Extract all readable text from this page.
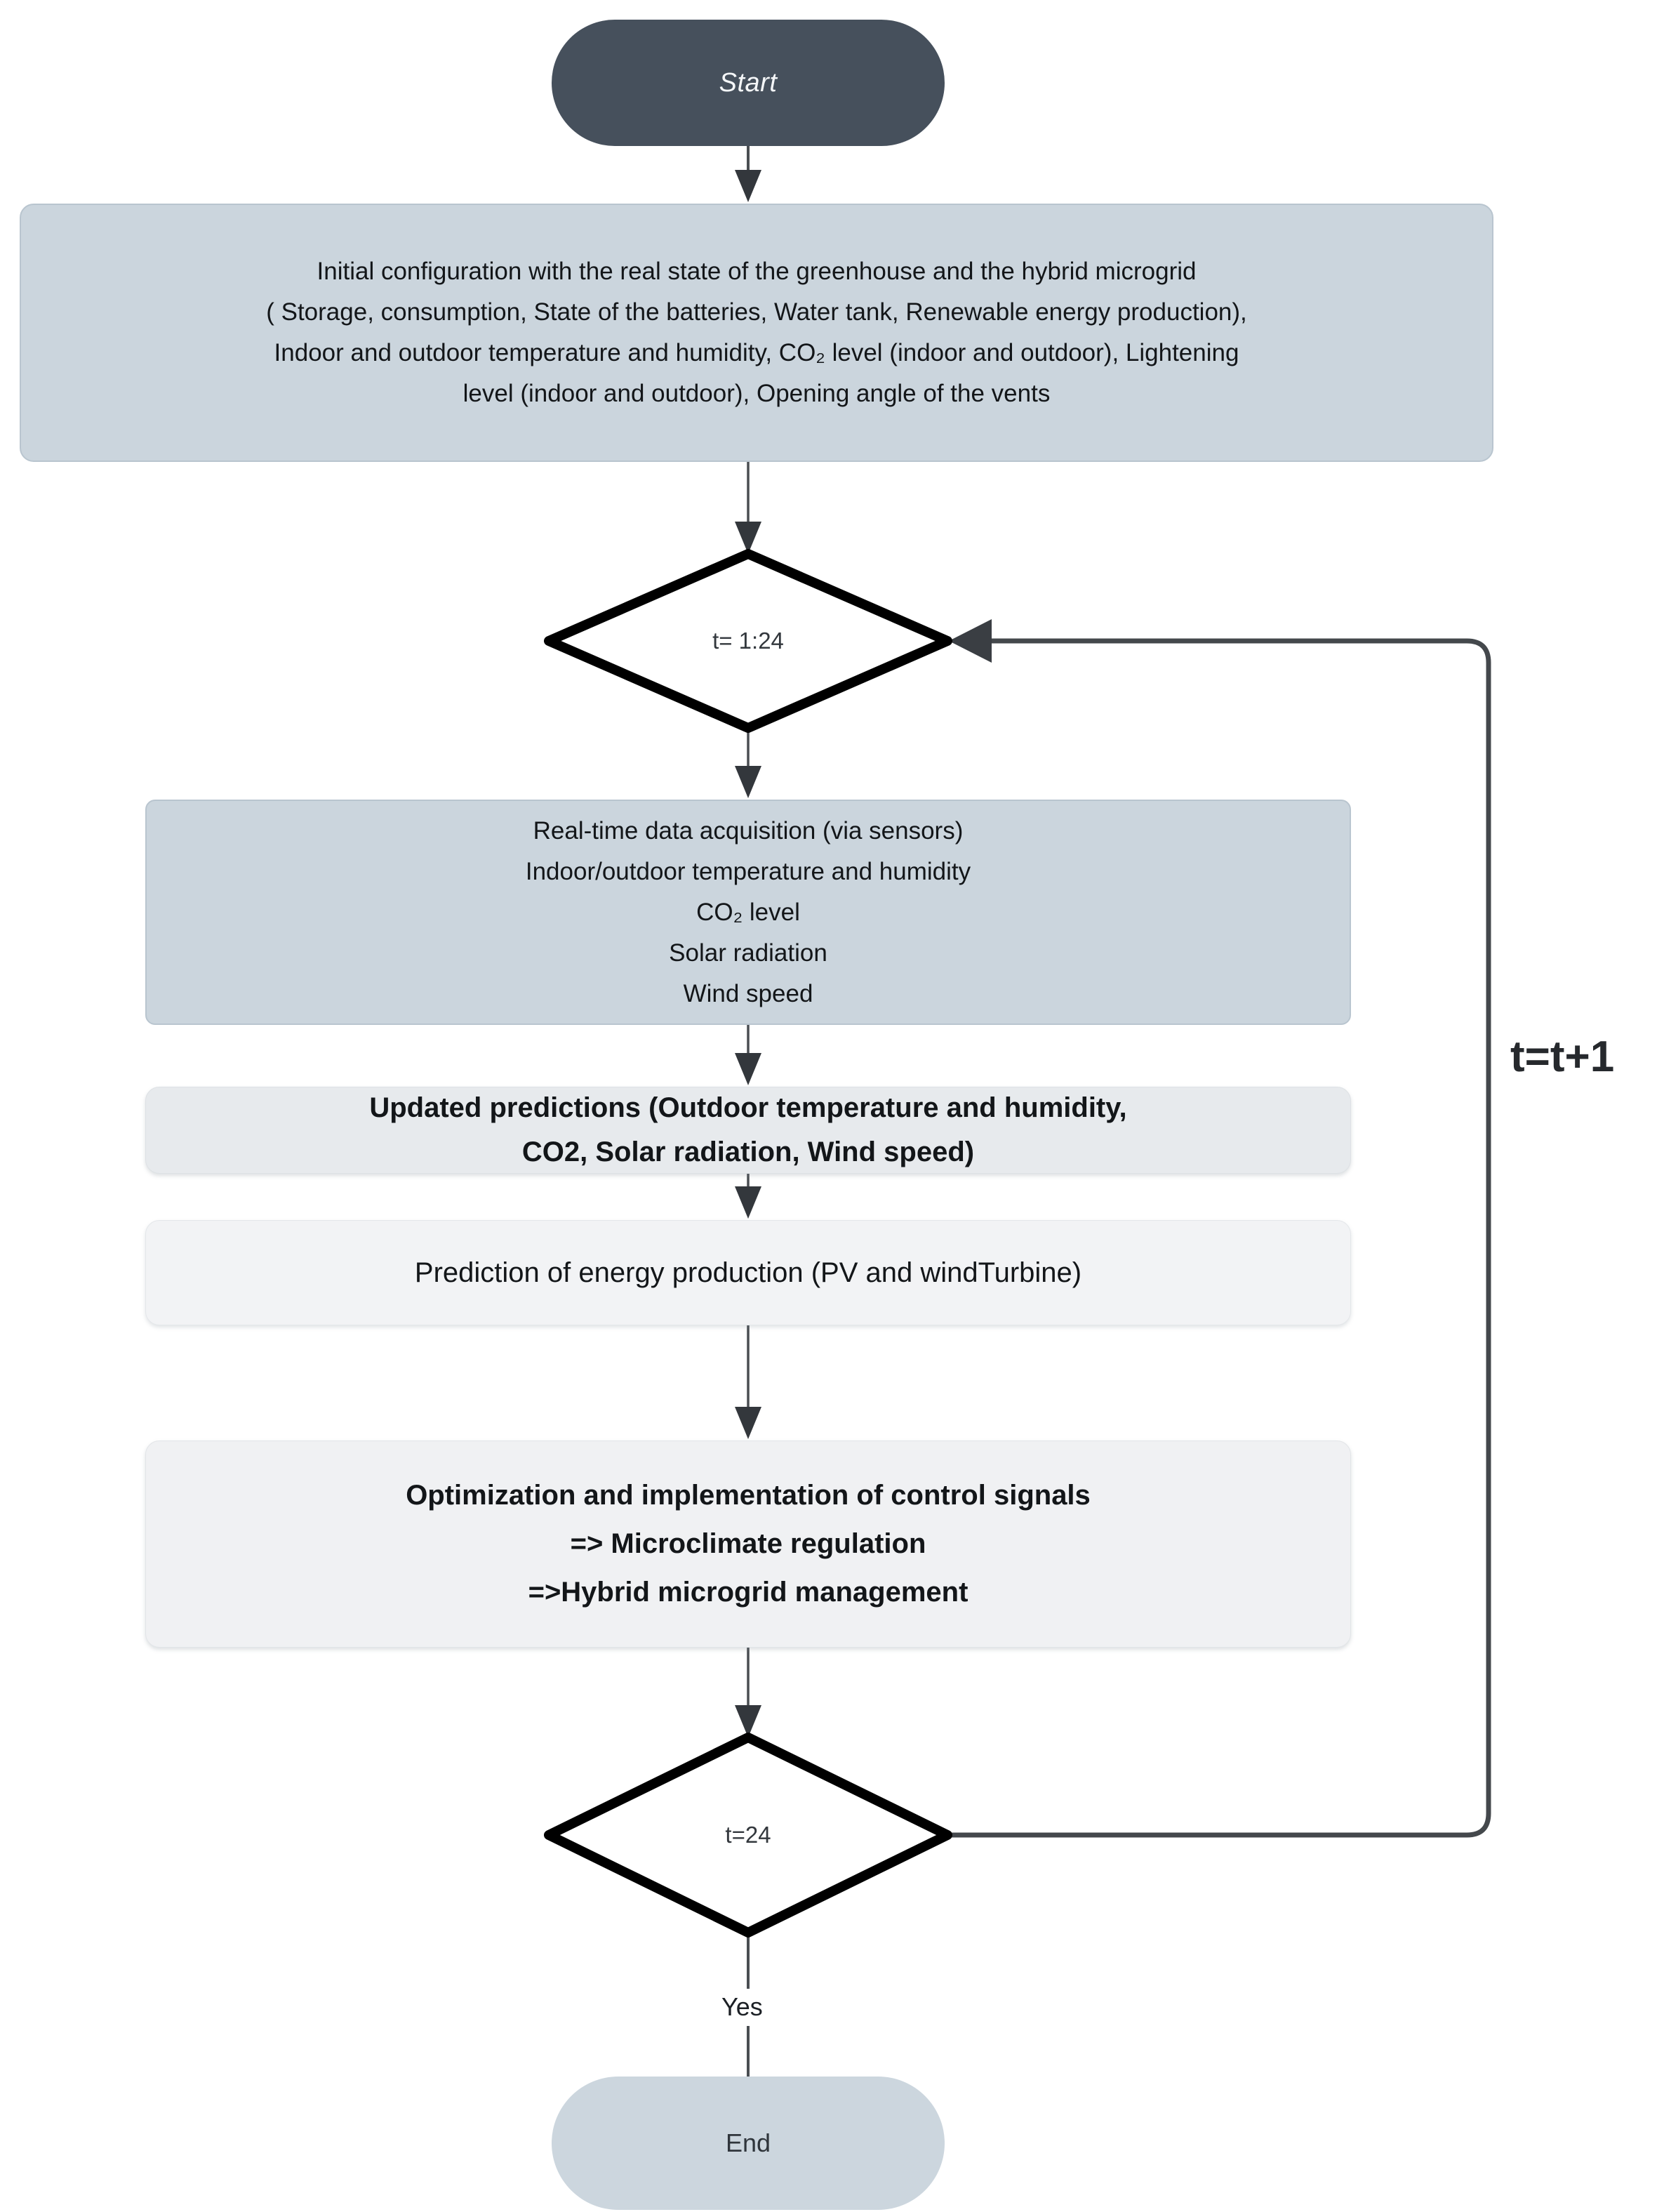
Start
Initial configuration with the real state of the greenhouse and the hybrid microgrid
( Storage, consumption, State of the batteries, Water tank, Renewable energy production),
Indoor and outdoor temperature and humidity, CO₂ level (indoor and outdoor), Lightening
level (indoor and outdoor), Opening angle of the vents
t= 1:24
Real-time data acquisition (via sensors)
Indoor/outdoor temperature and humidity
CO₂ level
Solar radiation
Wind speed
Updated predictions (Outdoor temperature and humidity,
CO2, Solar radiation, Wind speed)
Prediction of energy production (PV and windTurbine)
Optimization and implementation of control signals
=> Microclimate regulation
=>Hybrid microgrid management
t=24
Yes
t=t+1
End
